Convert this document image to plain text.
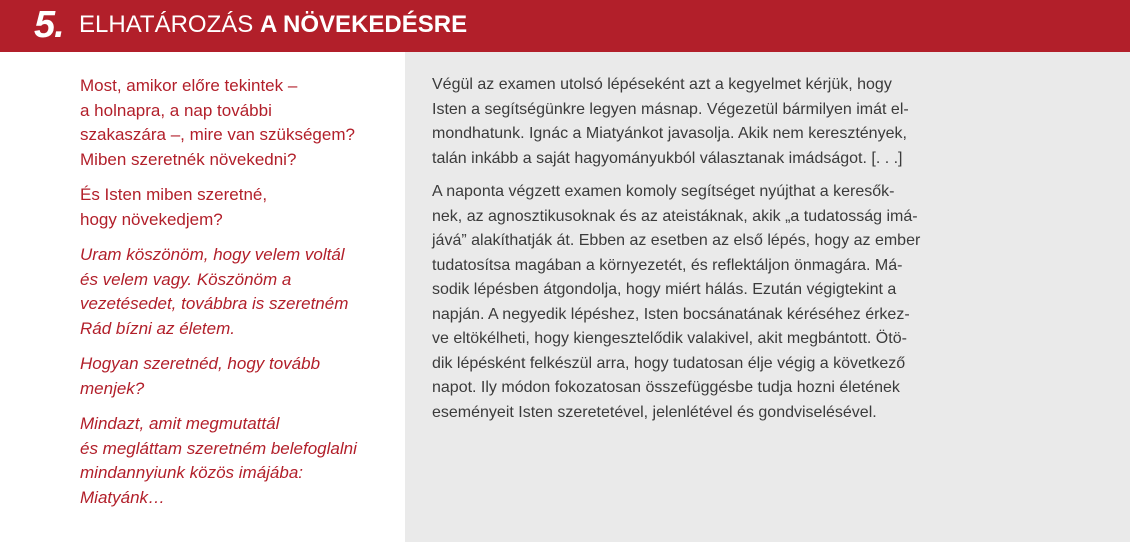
5. ELHATÁROZÁS A NÖVEKEDÉSRE

Most, amikor előre tekintek –
a holnapra, a nap további
szakaszára –, mire van szükségem?
Miben szeretnék növekedni?

És Isten miben szeretné,
hogy növekedjem?

Uram köszönöm, hogy velem voltál
és velem vagy. Köszönöm a
vezetésedet, továbbra is szeretném
Rád bízni az életem.

Hogyan szeretnéd, hogy tovább
menjek?

Mindazt, amit megmutattál
és megláttam szeretném belefoglalni
mindannyiunk közös imájába:
Miatyánk…

Végül az examen utolsó lépéseként azt a kegyelmet kérjük, hogy
Isten a segítségünkre legyen másnap. Végezetül bármilyen imát el-
mondhatunk. Ignác a Miatyánkot javasolja. Akik nem keresztények,
talán inkább a saját hagyományukból választanak imádságot. [. . .]

A naponta végzett examen komoly segítséget nyújthat a keresők-
nek, az agnosztikusoknak és az ateistáknak, akik „a tudatosság imá-
jává” alakíthatják át. Ebben az esetben az első lépés, hogy az ember
tudatosítsa magában a környezetét, és reflektáljon önmagára. Má-
sodik lépésben átgondolja, hogy miért hálás. Ezután végigtekint a
napján. A negyedik lépéshez, Isten bocsánatának kéréséhez érkez-
ve eltökélheti, hogy kiengesztelődik valakivel, akit megbántott. Ötö-
dik lépésként felkészül arra, hogy tudatosan élje végig a következő
napot. Ily módon fokozatosan összefüggésbe tudja hozni életének
eseményeit Isten szeretetével, jelenlétével és gondviselésével.
